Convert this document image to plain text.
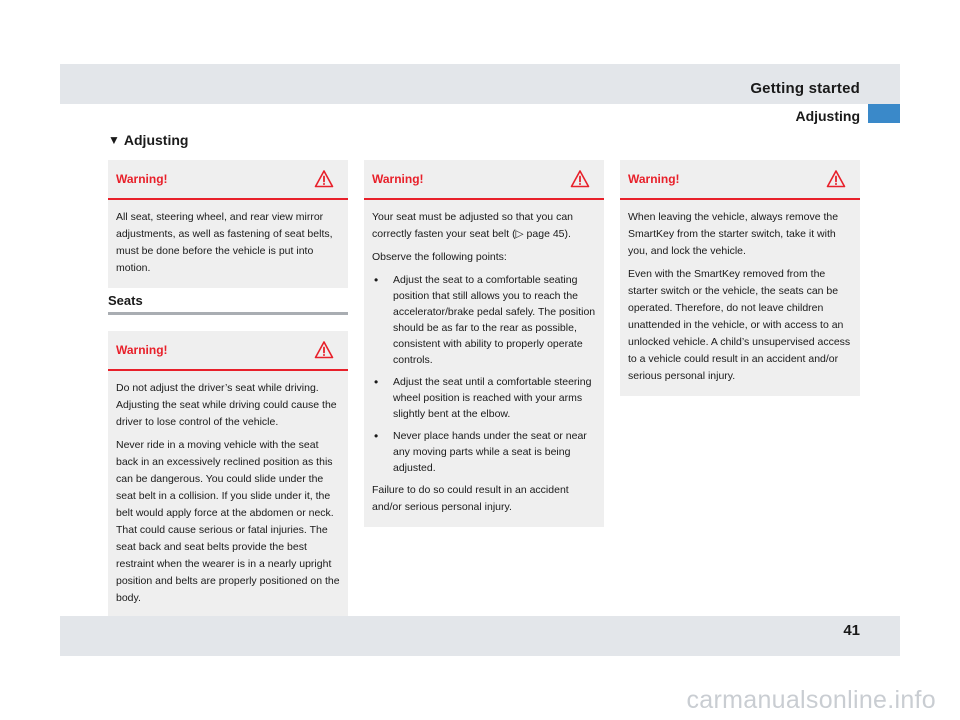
Getting started
Adjusting
▼ Adjusting
Warning!

All seat, steering wheel, and rear view mirror adjustments, as well as fastening of seat belts, must be done before the vehicle is put into motion.

Seats
Warning!

Do not adjust the driver’s seat while driving. Adjusting the seat while driving could cause the driver to lose control of the vehicle.

Never ride in a moving vehicle with the seat back in an excessively reclined position as this can be dangerous. You could slide under the seat belt in a collision. If you slide under it, the belt would apply force at the abdomen or neck. That could cause serious or fatal injuries. The seat back and seat belts provide the best restraint when the wearer is in a nearly upright position and belts are properly positioned on the body.

Warning!

Your seat must be adjusted so that you can correctly fasten your seat belt (▷ page 45).

Observe the following points:

• Adjust the seat to a comfortable seating position that still allows you to reach the accelerator/brake pedal safely. The position should be as far to the rear as possible, consistent with ability to properly operate controls.
• Adjust the seat until a comfortable steering wheel position is reached with your arms slightly bent at the elbow.
• Never place hands under the seat or near any moving parts while a seat is being adjusted.

Failure to do so could result in an accident and/or serious personal injury.

Warning!

When leaving the vehicle, always remove the SmartKey from the starter switch, take it with you, and lock the vehicle.

Even with the SmartKey removed from the starter switch or the vehicle, the seats can be operated. Therefore, do not leave children unattended in the vehicle, or with access to an unlocked vehicle. A child’s unsupervised access to a vehicle could result in an accident and/or serious personal injury.

41
carmanualsonline.info
